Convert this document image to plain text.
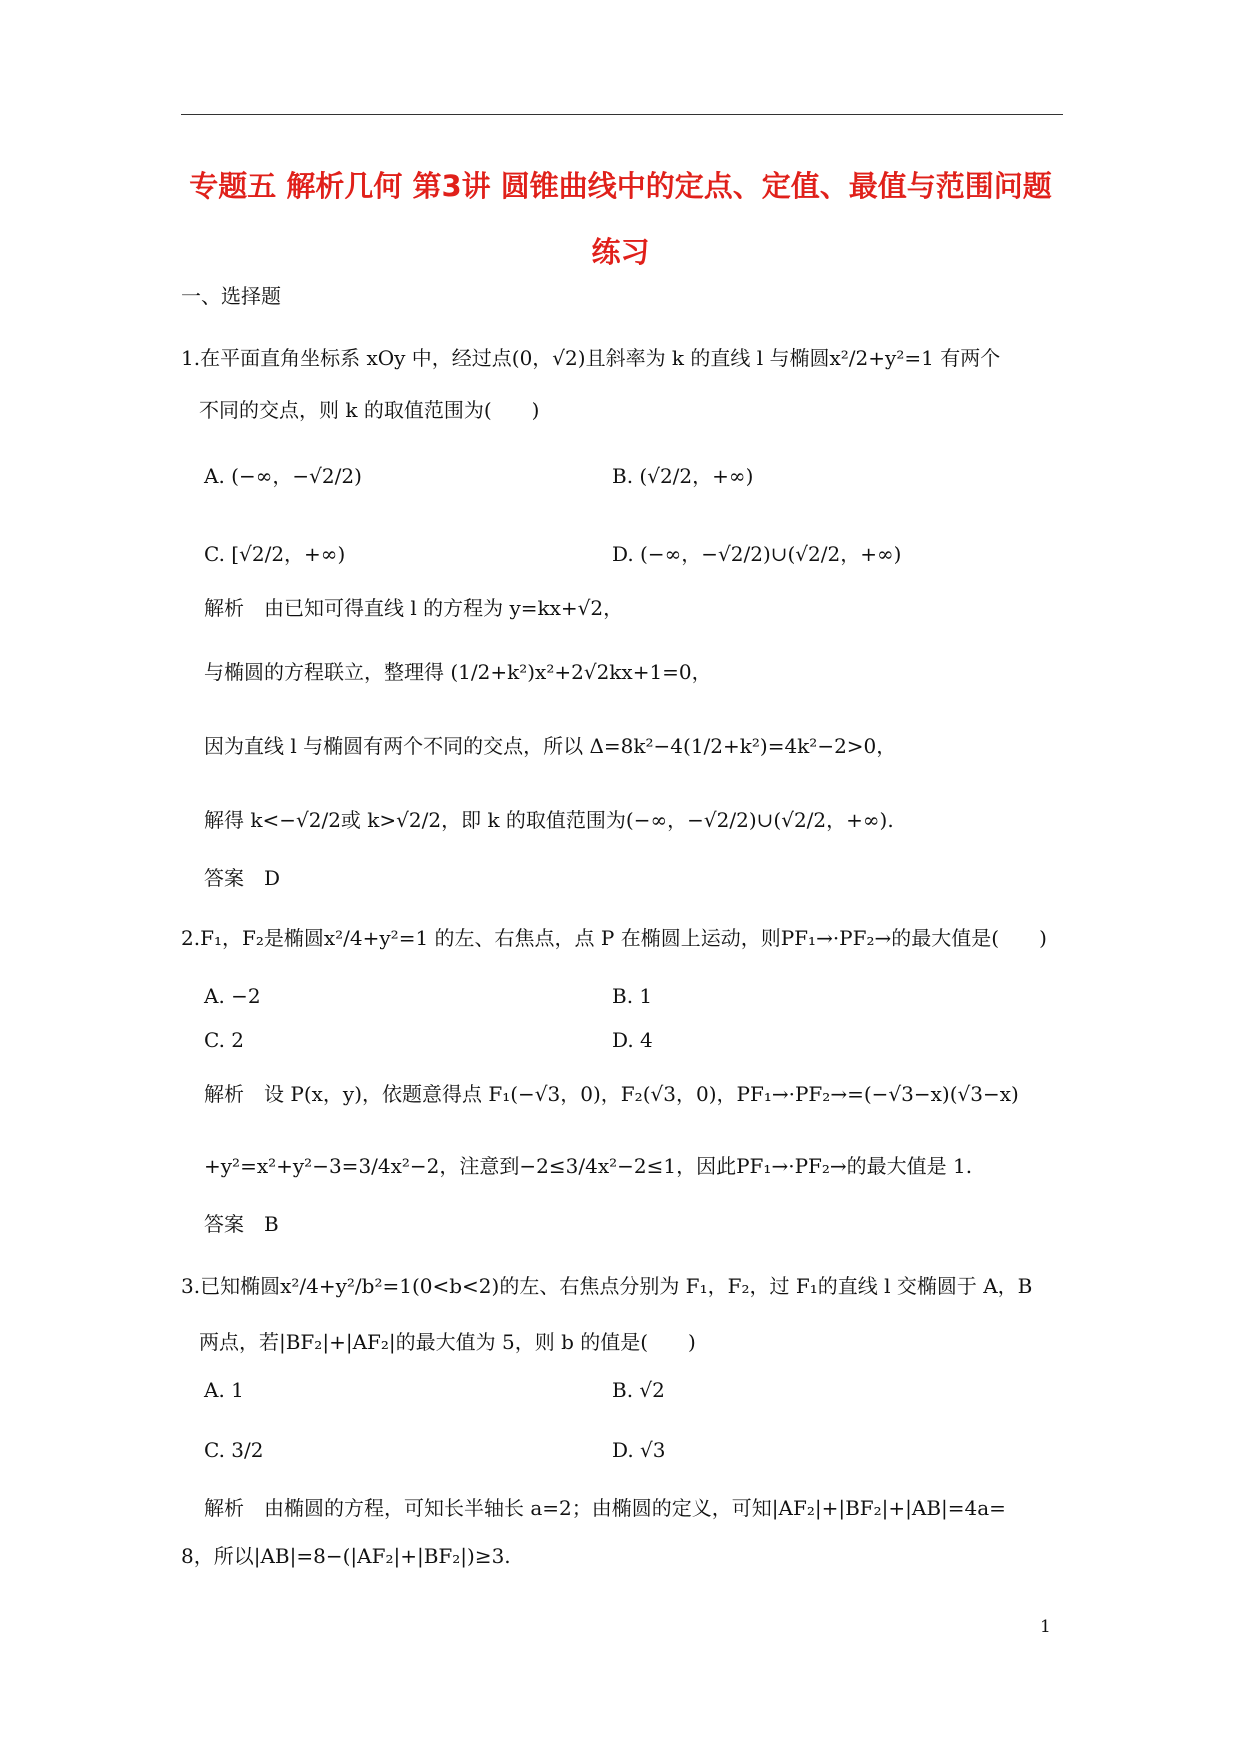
专题五 解析几何 第3讲 圆锥曲线中的定点、定值、最值与范围问题
练习
一、选择题
1.在平面直角坐标系 xOy 中，经过点(0，√2)且斜率为 k 的直线 l 与椭圆x²/2+y²=1 有两个
不同的交点，则 k 的取值范围为(　　)
A. (−∞，−√2/2)	B. (√2/2，+∞)
C. [√2/2，+∞)	D. (−∞，−√2/2)∪(√2/2，+∞)
解析　由已知可得直线 l 的方程为 y=kx+√2，
与椭圆的方程联立，整理得 (1/2+k²)x²+2√2kx+1=0，
因为直线 l 与椭圆有两个不同的交点，所以 Δ=8k²−4(1/2+k²)=4k²−2>0，
解得 k<−√2/2或 k>√2/2，即 k 的取值范围为(−∞，−√2/2)∪(√2/2，+∞).
答案　D
2.F₁，F₂是椭圆x²/4+y²=1 的左、右焦点，点 P 在椭圆上运动，则PF₁→·PF₂→的最大值是(　　)
A. −2	B. 1
C. 2	D. 4
解析　设 P(x，y)，依题意得点 F₁(−√3，0)，F₂(√3，0)，PF₁→·PF₂→=(−√3−x)(√3−x)
+y²=x²+y²−3=3/4x²−2，注意到−2≤3/4x²−2≤1，因此PF₁→·PF₂→的最大值是 1.
答案　B
3.已知椭圆x²/4+y²/b²=1(0<b<2)的左、右焦点分别为 F₁，F₂，过 F₁的直线 l 交椭圆于 A，B
两点，若|BF₂|+|AF₂|的最大值为 5，则 b 的值是(　　)
A. 1	B. √2
C. 3/2	D. √3
解析　由椭圆的方程，可知长半轴长 a=2；由椭圆的定义，可知|AF₂|+|BF₂|+|AB|=4a=
8，所以|AB|=8−(|AF₂|+|BF₂|)≥3.
1
